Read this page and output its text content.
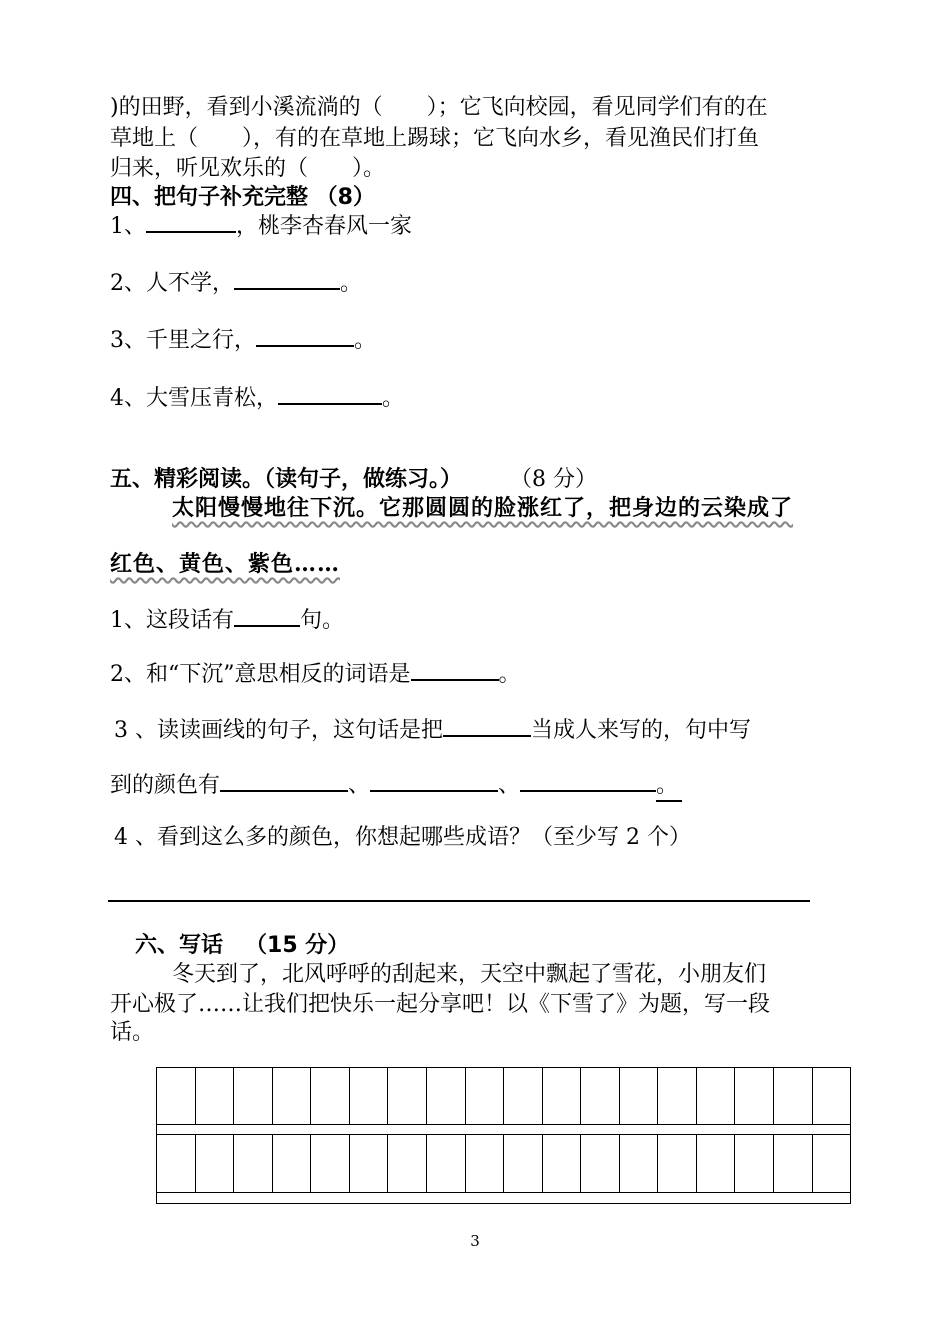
)的田野，看到小溪流淌的（　　）；它飞向校园，看见同学们有的在
草地上（　　），有的在草地上踢球；它飞向水乡，看见渔民们打鱼
归来，听见欢乐的（　　）。
四、把句子补充完整 （8）
1、	，桃李杏春风一家
2、人不学，	。
3、千里之行，	。
4、大雪压青松，	。
五、精彩阅读。（读句子，做练习。） （8 分）
太阳慢慢地往下沉。它那圆圆的脸涨红了，把身边的云染成了
红色、黄色、紫色……
1、这段话有	句。
2、和“下沉”意思相反的词语是	。
3 、读读画线的句子，这句话是把	当成人来写的，句中写
到的颜色有	、	、	。
4 、看到这么多的颜色，你想起哪些成语？（至少写 2 个）
六、写话 （15 分）
冬天到了，北风呼呼的刮起来，天空中飘起了雪花，小朋友们
开心极了……让我们把快乐一起分享吧！以《下雪了》为题，写一段
话。
3
